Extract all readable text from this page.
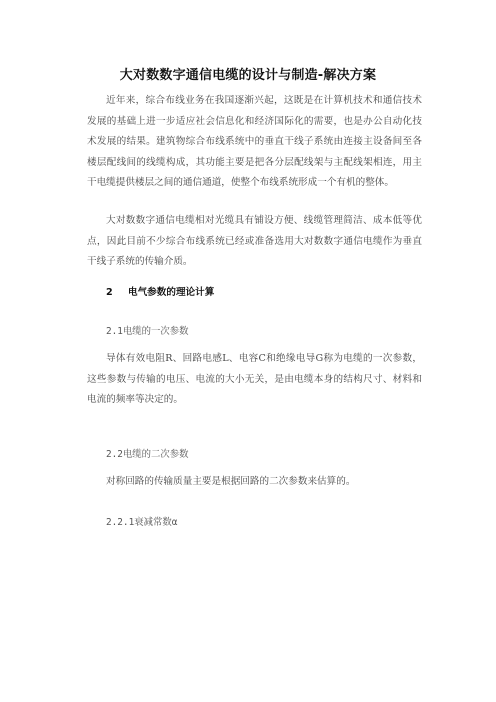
大对数数字通信电缆的设计与制造-解决方案

近年来，综合布线业务在我国逐渐兴起，这既是在计算机技术和通信技术发展的基础上进一步适应社会信息化和经济国际化的需要，也是办公自动化技术发展的结果。建筑物综合布线系统中的垂直干线子系统由连接主设备间至各楼层配线间的线缆构成，其功能主要是把各分层配线架与主配线架相连，用主干电缆提供楼层之间的通信通道，使整个布线系统形成一个有机的整体。

大对数数字通信电缆相对光缆具有铺设方便、线缆管理简洁、成本低等优点，因此目前不少综合布线系统已经或准备选用大对数数字通信电缆作为垂直干线子系统的传输介质。

2 电气参数的理论计算
2.1电缆的一次参数

导体有效电阻R、回路电感L、电容C和绝缘电导G称为电缆的一次参数，这些参数与传输的电压、电流的大小无关，是由电缆本身的结构尺寸、材料和电流的频率等决定的。

2.2电缆的二次参数

对称回路的传输质量主要是根据回路的二次参数来估算的。

2.2.1衰减常数α
